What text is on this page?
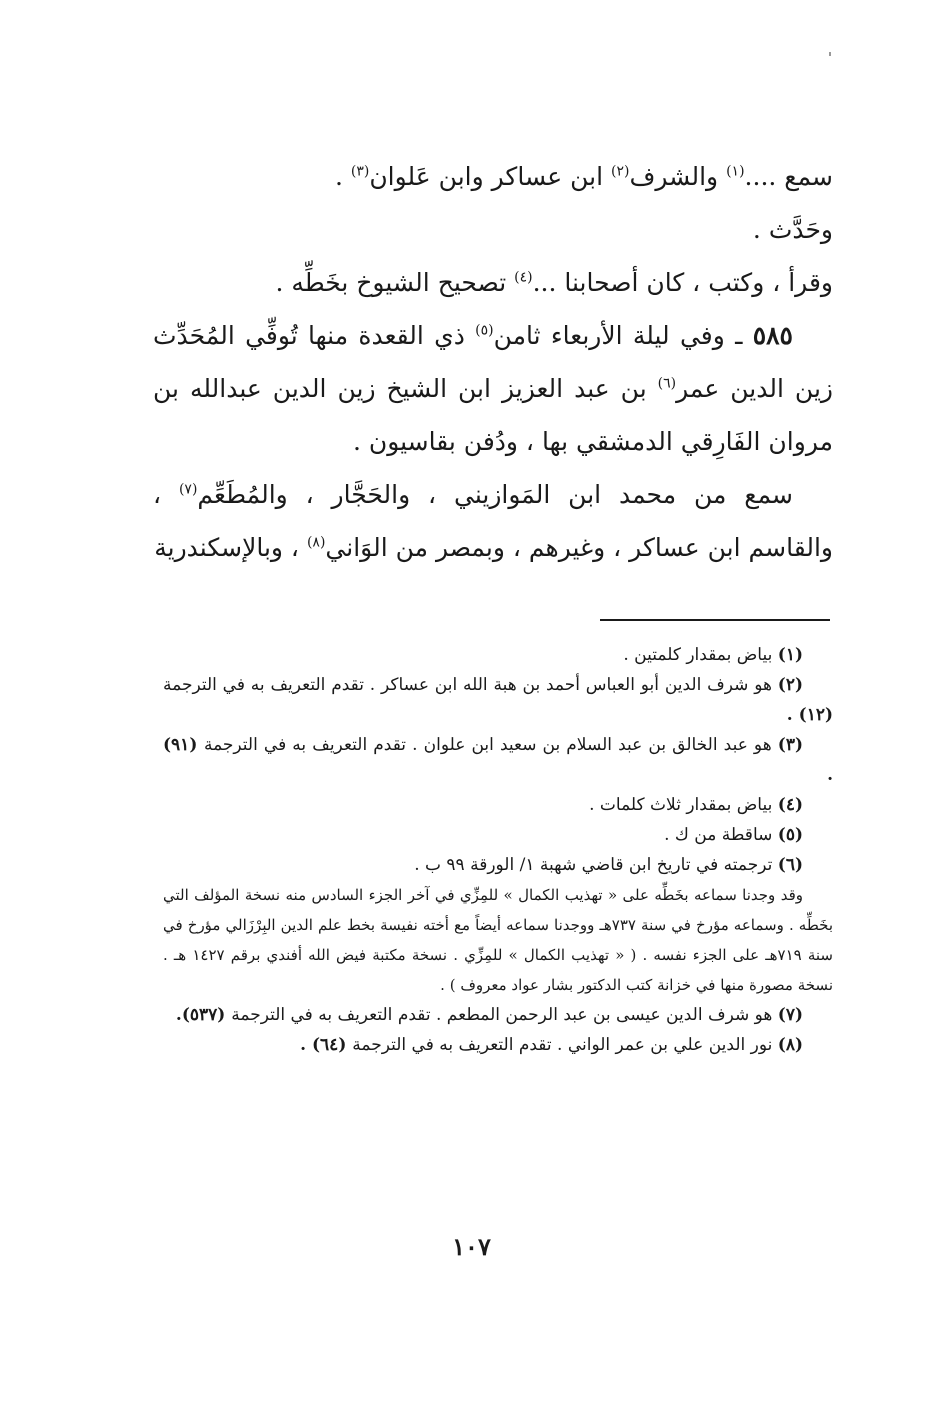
سمع ....$^{(١)}$ والشرف$^{(٢)}$ ابن عساكر وابن عَلوان$^{(٣)}$ .

وحَدَّث .

وقرأ ، وكتب ، كان أصحابنا ...$^{(٤)}$ تصحيح الشيوخ بخَطِّه .

٥٨٥ ـ وفي ليلة الأربعاء ثامن$^{(٥)}$ ذي القعدة منها تُوفِّي المُحَدِّث زين الدين عمر$^{(٦)}$ بن عبد العزيز ابن الشيخ زين الدين عبدالله بن مروان الفَارِقي الدمشقي بها ، ودُفن بقاسيون .

سمع من محمد ابن المَوازيني ، والحَجَّار ، والمُطَعِّم$^{(٧)}$ ، والقاسم ابن عساكر ، وغيرهم ، وبمصر من الوَاني$^{(٨)}$ ، وبالإسكندرية

(١) بياض بمقدار كلمتين .

(٢) هو شرف الدين أبو العباس أحمد بن هبة الله ابن عساكر . تقدم التعريف به في الترجمة (١٢) .

(٣) هو عبد الخالق بن عبد السلام بن سعيد ابن علوان . تقدم التعريف به في الترجمة (٩١) .

(٤) بياض بمقدار ثلاث كلمات .

(٥) ساقطة من ك .

(٦) ترجمته في تاريخ ابن قاضي شهبة ١/ الورقة ٩٩ ب .

وقد وجدنا سماعه بخَطِّه على « تهذيب الكمال » للمِزِّي في آخر الجزء السادس منه نسخة المؤلف التي بخَطِّه . وسماعه مؤرخ في سنة ٧٣٧هـ ووجدنا سماعه أيضاً مع أخته نفيسة بخط علم الدين البِرْزَالي مؤرخ في سنة ٧١٩هـ على الجزء نفسه . ( « تهذيب الكمال » للمِزِّي . نسخة مكتبة فيض الله أفندي برقم ١٤٢٧ هـ . نسخة مصورة منها في خزانة كتب الدكتور بشار عواد معروف ) .

(٧) هو شرف الدين عيسى بن عبد الرحمن المطعم . تقدم التعريف به في الترجمة (٥٣٧).

(٨) نور الدين علي بن عمر الواني . تقدم التعريف به في الترجمة (٦٤) .

١٠٧
